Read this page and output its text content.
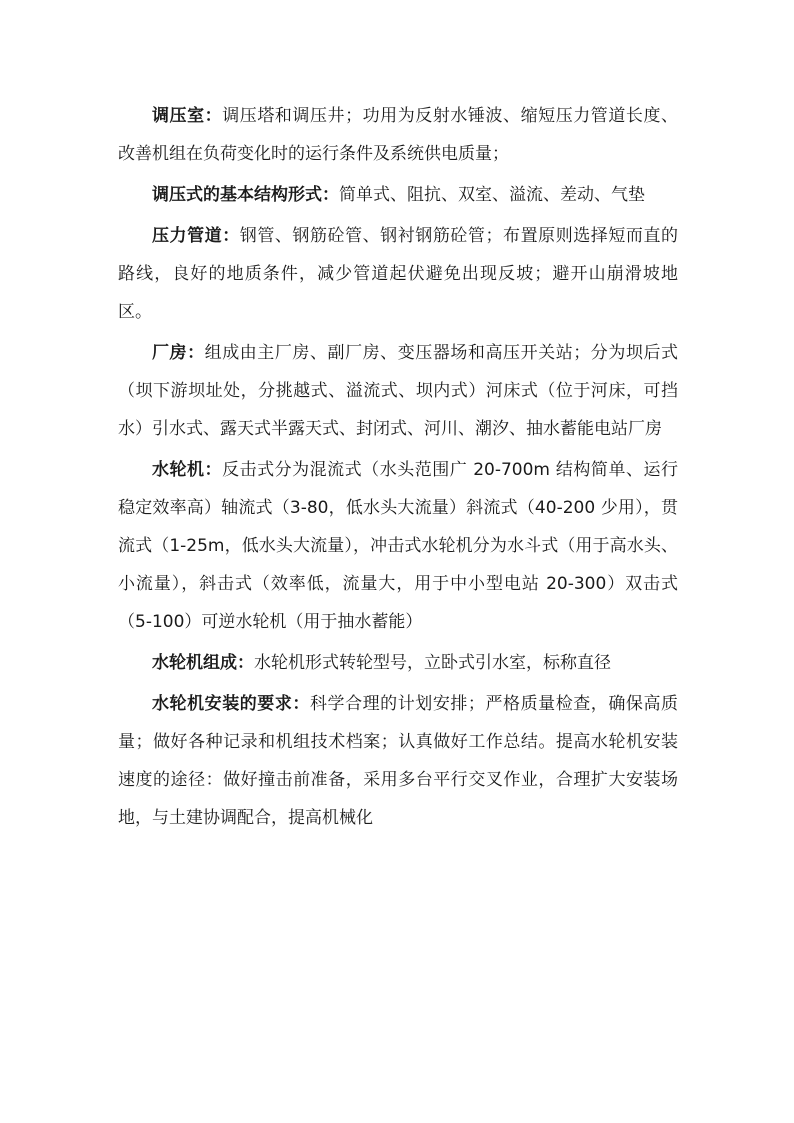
调压室：调压塔和调压井；功用为反射水锤波、缩短压力管道长度、改善机组在负荷变化时的运行条件及系统供电质量；

调压式的基本结构形式：简单式、阻抗、双室、溢流、差动、气垫

压力管道：钢管、钢筋砼管、钢衬钢筋砼管；布置原则选择短而直的路线，良好的地质条件，减少管道起伏避免出现反坡；避开山崩滑坡地区。

厂房：组成由主厂房、副厂房、变压器场和高压开关站；分为坝后式（坝下游坝址处，分挑越式、溢流式、坝内式）河床式（位于河床，可挡水）引水式、露天式半露天式、封闭式、河川、潮汐、抽水蓄能电站厂房

水轮机：反击式分为混流式（水头范围广 20-700m 结构简单、运行稳定效率高）轴流式（3-80，低水头大流量）斜流式（40-200 少用），贯流式（1-25m，低水头大流量），冲击式水轮机分为水斗式（用于高水头、小流量），斜击式（效率低，流量大，用于中小型电站 20-300）双击式（5-100）可逆水轮机（用于抽水蓄能）

水轮机组成：水轮机形式转轮型号，立卧式引水室，标称直径

水轮机安装的要求：科学合理的计划安排；严格质量检查，确保高质量；做好各种记录和机组技术档案；认真做好工作总结。提高水轮机安装速度的途径：做好撞击前准备，采用多台平行交叉作业，合理扩大安装场地，与土建协调配合，提高机械化
